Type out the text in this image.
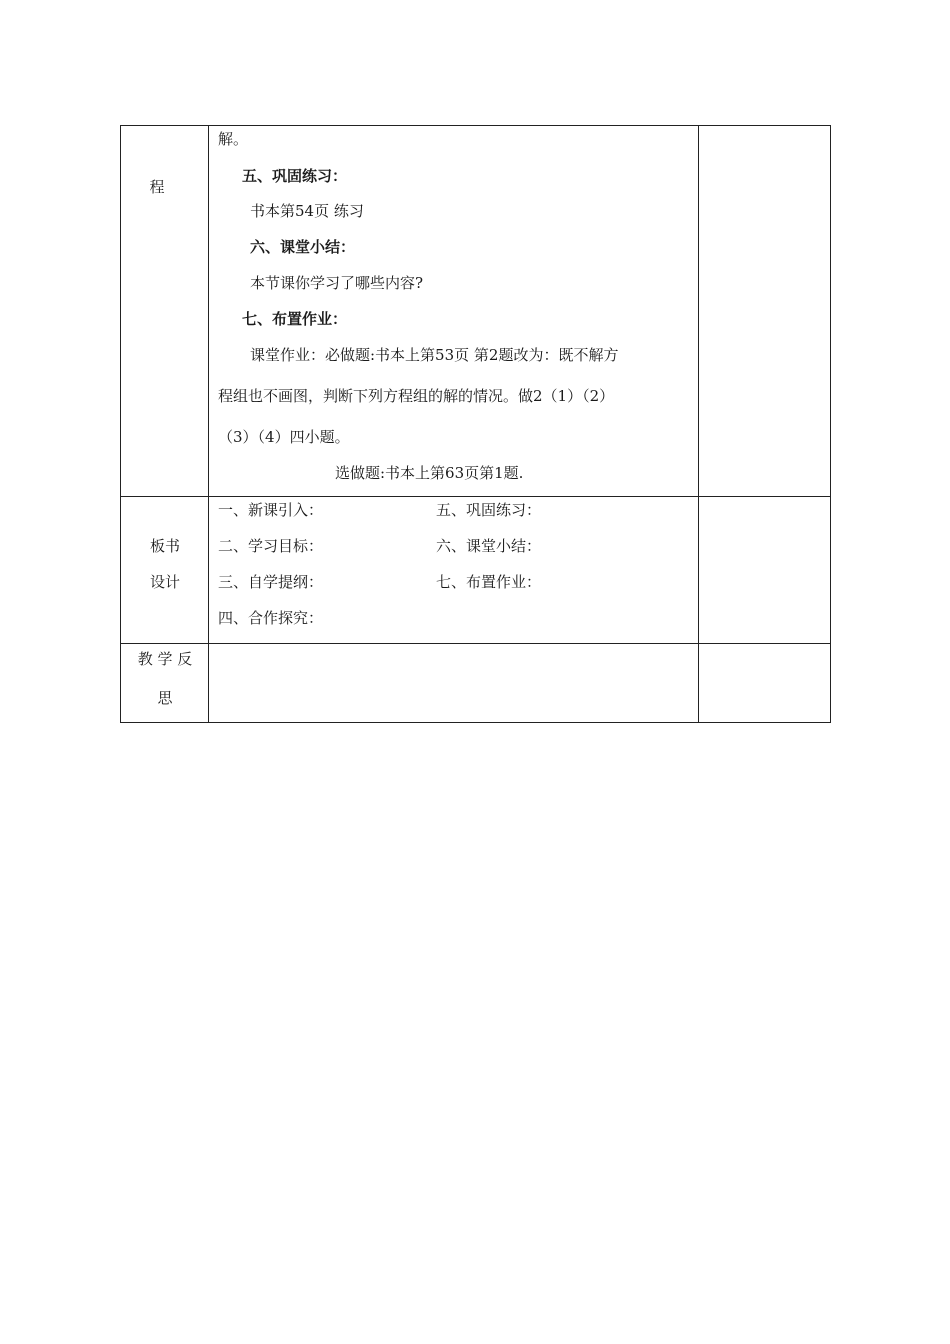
程
解。
五、巩固练习：
书本第54页 练习
六、课堂小结：
本节课你学习了哪些内容?
七、布置作业：
课堂作业：必做题:书本上第53页 第2题改为：既不解方
程组也不画图，判断下列方程组的解的情况。做2（1）（2）
（3）（4）四小题。
选做题:书本上第63页第1题.
板书
设计
一、新课引入：
二、学习目标：
三、自学提纲：
四、合作探究：
五、巩固练习：
六、课堂小结：
七、布置作业：
教 学 反
思
